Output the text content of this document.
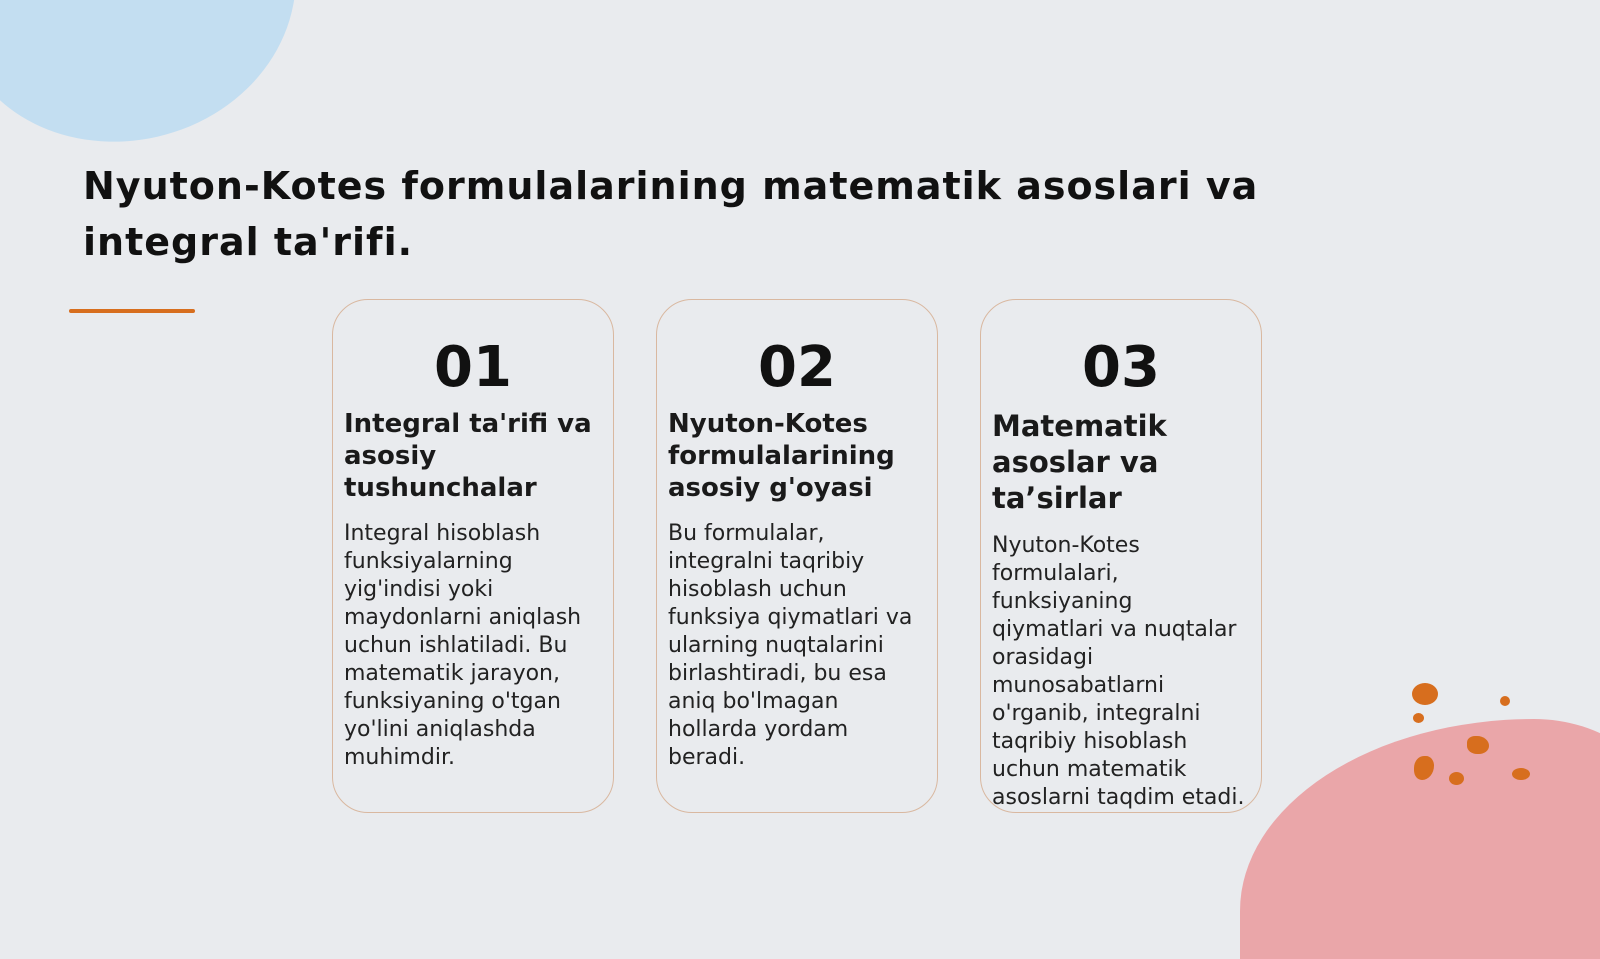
Nyuton-Kotes formulalarining matematik asoslari va integral ta'rifi.
01
Integral ta'rifi va asosiy tushunchalar
Integral hisoblash funksiyalarning yig'indisi yoki maydonlarni aniqlash uchun ishlatiladi. Bu matematik jarayon, funksiyaning o'tgan yo'lini aniqlashda muhimdir.
02
Nyuton-Kotes formulalarining asosiy g'oyasi
Bu formulalar, integralni taqribiy hisoblash uchun funksiya qiymatlari va ularning nuqtalarini birlashtiradi, bu esa aniq bo'lmagan hollarda yordam beradi.
03
Matematik asoslar va ta’sirlar
Nyuton-Kotes formulalari, funksiyaning qiymatlari va nuqtalar orasidagi munosabatlarni o'rganib, integralni taqribiy hisoblash uchun matematik asoslarni taqdim etadi.
